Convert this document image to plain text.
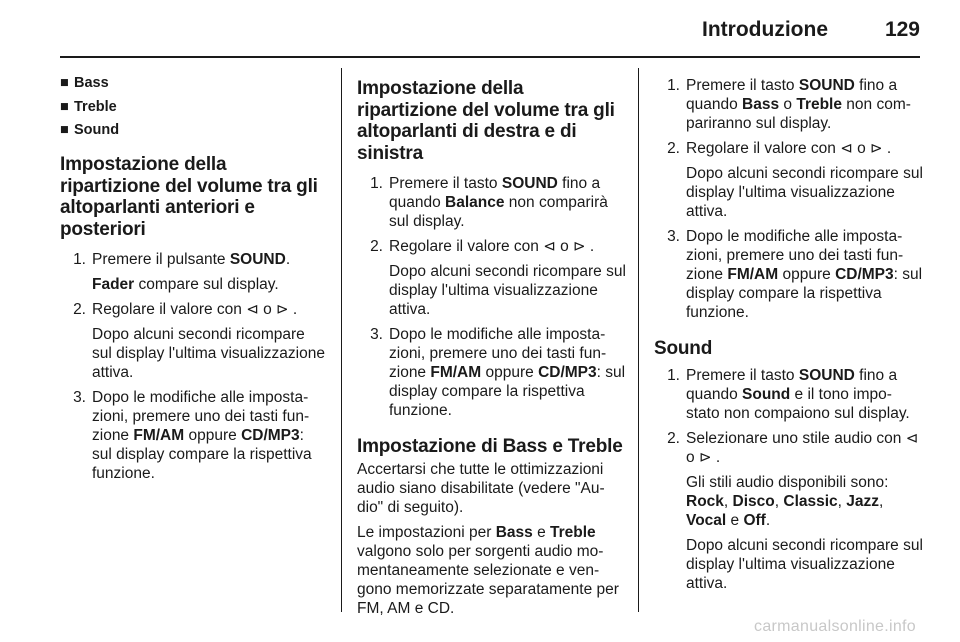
Introduzione	129
■ Bass
■ Treble
■ Sound
Impostazione della ripartizione del volume tra gli altoparlanti anteriori e posteriori
1. Premere il pulsante SOUND.
Fader compare sul display.
2. Regolare il valore con ⊲ o ⊳ .
Dopo alcuni secondi ricompare sul display l'ultima visualizzazione attiva.
3. Dopo le modifiche alle imposta- zioni, premere uno dei tasti fun- zione FM/AM oppure CD/MP3: sul display compare la rispettiva funzione.
Impostazione della ripartizione del volume tra gli altoparlanti di destra e di sinistra
1. Premere il tasto SOUND fino a quando Balance non comparirà sul display.
2. Regolare il valore con ⊲ o ⊳ .
Dopo alcuni secondi ricompare sul display l'ultima visualizzazione attiva.
3. Dopo le modifiche alle imposta- zioni, premere uno dei tasti fun- zione FM/AM oppure CD/MP3: sul display compare la rispettiva funzione.
Impostazione di Bass e Treble
Accertarsi che tutte le ottimizzazioni audio siano disabilitate (vedere "Au- dio" di seguito).
Le impostazioni per Bass e Treble valgono solo per sorgenti audio mo- mentaneamente selezionate e ven- gono memorizzate separatamente per FM, AM e CD.
1. Premere il tasto SOUND fino a quando Bass o Treble non com- pariranno sul display.
2. Regolare il valore con ⊲ o ⊳ .
Dopo alcuni secondi ricompare sul display l'ultima visualizzazione attiva.
3. Dopo le modifiche alle imposta- zioni, premere uno dei tasti fun- zione FM/AM oppure CD/MP3: sul display compare la rispettiva funzione.
Sound
1. Premere il tasto SOUND fino a quando Sound e il tono impo- stato non compaiono sul display.
2. Selezionare uno stile audio con ⊲ o ⊳ .
Gli stili audio disponibili sono: Rock, Disco, Classic, Jazz, Vocal e Off.
Dopo alcuni secondi ricompare sul display l'ultima visualizzazione attiva.
carmanualsonline.info
